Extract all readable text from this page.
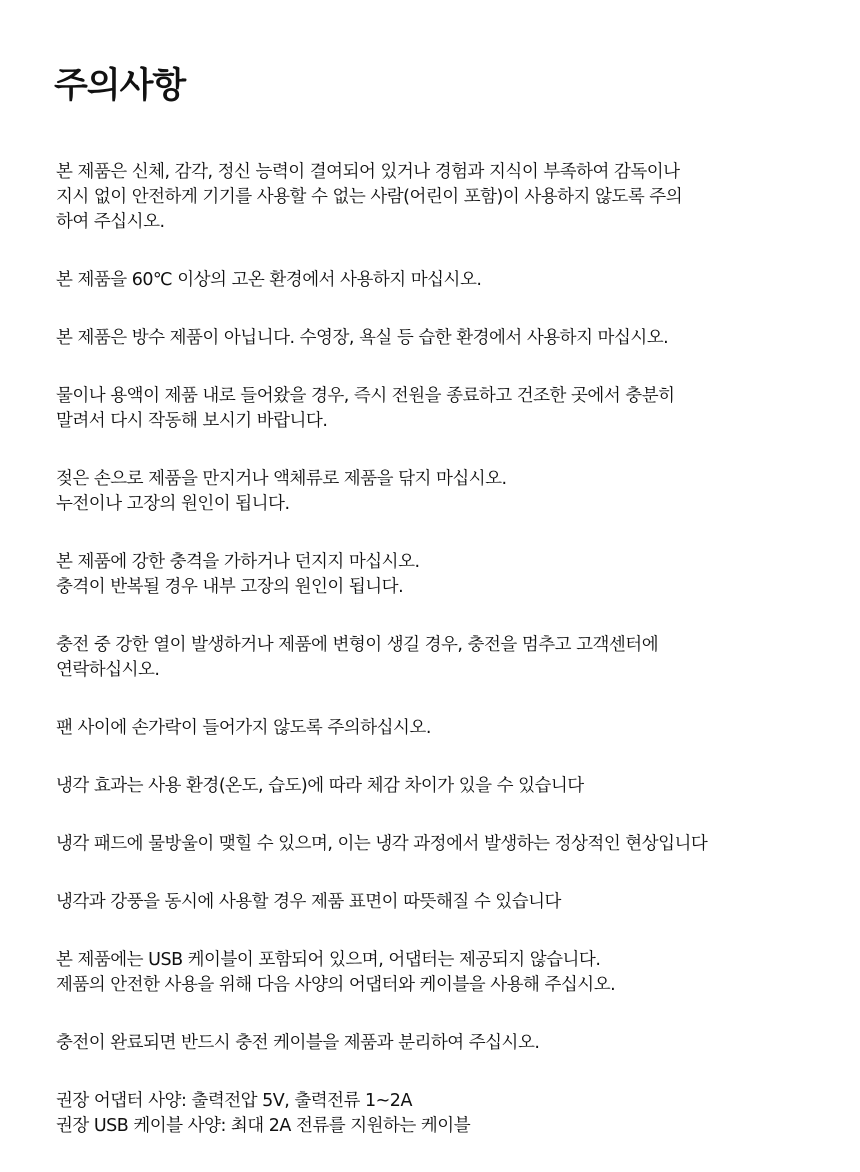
주의사항

본 제품은 신체, 감각, 정신 능력이 결여되어 있거나 경험과 지식이 부족하여 감독이나
지시 없이 안전하게 기기를 사용할 수 없는 사람(어린이 포함)이 사용하지 않도록 주의
하여 주십시오.

본 제품을 60℃ 이상의 고온 환경에서 사용하지 마십시오.

본 제품은 방수 제품이 아닙니다. 수영장, 욕실 등 습한 환경에서 사용하지 마십시오.

물이나 용액이 제품 내로 들어왔을 경우, 즉시 전원을 종료하고 건조한 곳에서 충분히
말려서 다시 작동해 보시기 바랍니다.

젖은 손으로 제품을 만지거나 액체류로 제품을 닦지 마십시오.
누전이나 고장의 원인이 됩니다.

본 제품에 강한 충격을 가하거나 던지지 마십시오.
충격이 반복될 경우 내부 고장의 원인이 됩니다.

충전 중 강한 열이 발생하거나 제품에 변형이 생길 경우, 충전을 멈추고 고객센터에
연락하십시오.

팬 사이에 손가락이 들어가지 않도록 주의하십시오.

냉각 효과는 사용 환경(온도, 습도)에 따라 체감 차이가 있을 수 있습니다

냉각 패드에 물방울이 맺힐 수 있으며, 이는 냉각 과정에서 발생하는 정상적인 현상입니다

냉각과 강풍을 동시에 사용할 경우 제품 표면이 따뜻해질 수 있습니다

본 제품에는 USB 케이블이 포함되어 있으며, 어댑터는 제공되지 않습니다.
제품의 안전한 사용을 위해 다음 사양의 어댑터와 케이블을 사용해 주십시오.

충전이 완료되면 반드시 충전 케이블을 제품과 분리하여 주십시오.

권장 어댑터 사양: 출력전압 5V, 출력전류 1~2A
권장 USB 케이블 사양: 최대 2A 전류를 지원하는 케이블
